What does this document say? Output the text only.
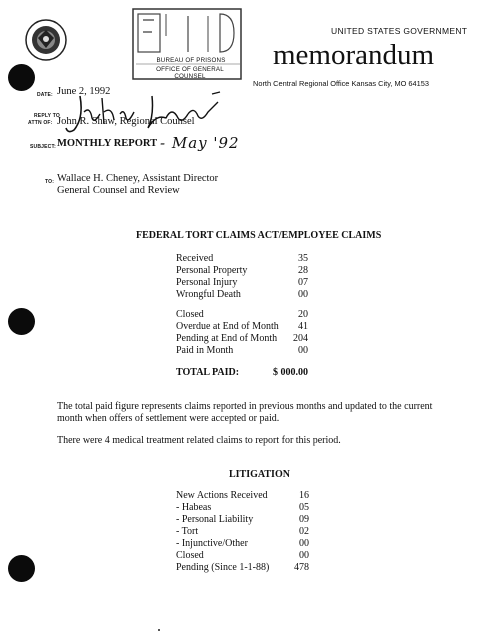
BUREAU OF PRISONS
OFFICE OF GENERAL COUNSEL
UNITED STATES GOVERNMENT
memorandum
North Central Regional Office Kansas City, MO 64153
DATE: June 2, 1992
REPLY TO
ATTN OF: John R. Shaw, Regional Counsel
SUBJECT: MONTHLY REPORT - May '92
TO: Wallace H. Cheney, Assistant Director
General Counsel and Review
FEDERAL TORT CLAIMS ACT/EMPLOYEE CLAIMS
Received	35
Personal Property	28
Personal Injury	07
Wrongful Death	00
Closed	20
Overdue at End of Month 41
Pending at End of Month 204
Paid in Month	00
TOTAL PAID:	$ 000.00
The total paid figure represents claims reported in previous months and updated to the current
month when offers of settlement were accepted or paid.
There were 4 medical treatment related claims to report for this period.
LITIGATION
New Actions Received	16
- Habeas	05
- Personal Liability	09
- Tort	02
- Injunctive/Other	00
Closed	00
Pending (Since 1-1-88) 478
